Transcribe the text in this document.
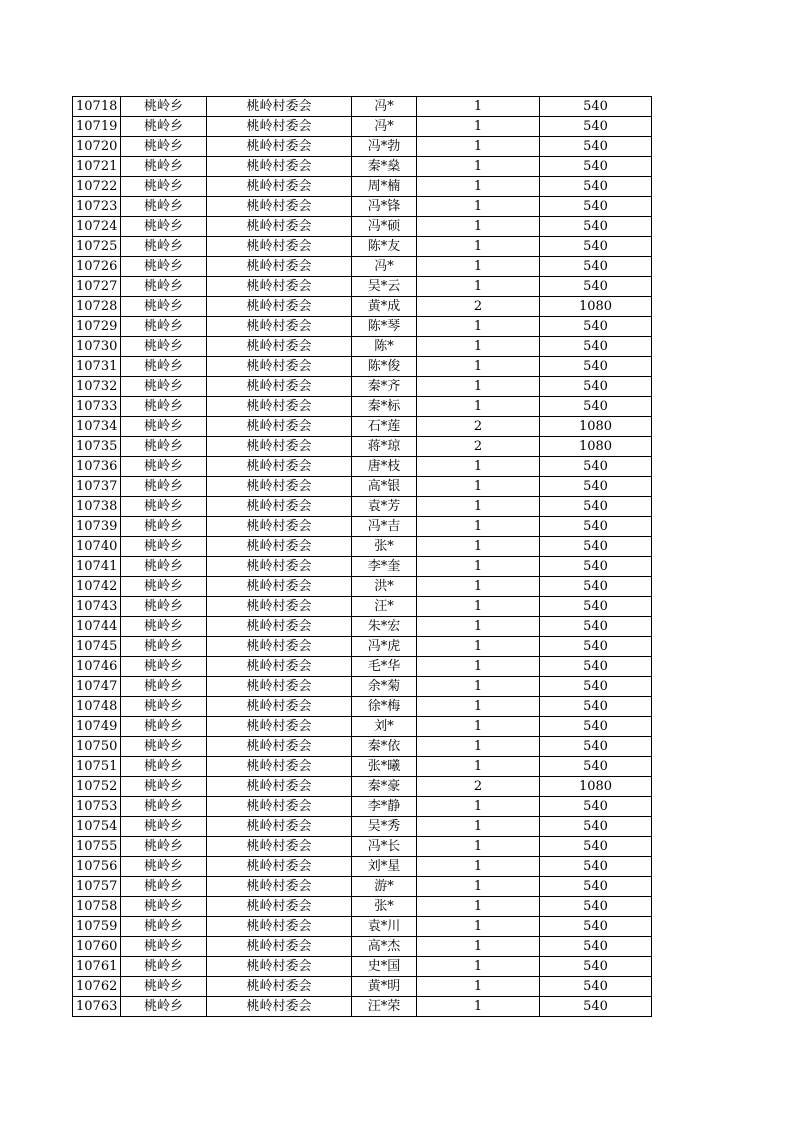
10718	桃岭乡	桃岭村委会	冯*	1	540
10719	桃岭乡	桃岭村委会	冯*	1	540
10720	桃岭乡	桃岭村委会	冯*勃	1	540
10721	桃岭乡	桃岭村委会	秦*燊	1	540
10722	桃岭乡	桃岭村委会	周*楠	1	540
10723	桃岭乡	桃岭村委会	冯*锋	1	540
10724	桃岭乡	桃岭村委会	冯*硕	1	540
10725	桃岭乡	桃岭村委会	陈*友	1	540
10726	桃岭乡	桃岭村委会	冯*	1	540
10727	桃岭乡	桃岭村委会	吴*云	1	540
10728	桃岭乡	桃岭村委会	黄*成	2	1080
10729	桃岭乡	桃岭村委会	陈*琴	1	540
10730	桃岭乡	桃岭村委会	陈*	1	540
10731	桃岭乡	桃岭村委会	陈*俊	1	540
10732	桃岭乡	桃岭村委会	秦*齐	1	540
10733	桃岭乡	桃岭村委会	秦*标	1	540
10734	桃岭乡	桃岭村委会	石*莲	2	1080
10735	桃岭乡	桃岭村委会	蒋*琼	2	1080
10736	桃岭乡	桃岭村委会	唐*枝	1	540
10737	桃岭乡	桃岭村委会	高*银	1	540
10738	桃岭乡	桃岭村委会	袁*芳	1	540
10739	桃岭乡	桃岭村委会	冯*吉	1	540
10740	桃岭乡	桃岭村委会	张*	1	540
10741	桃岭乡	桃岭村委会	李*奎	1	540
10742	桃岭乡	桃岭村委会	洪*	1	540
10743	桃岭乡	桃岭村委会	汪*	1	540
10744	桃岭乡	桃岭村委会	朱*宏	1	540
10745	桃岭乡	桃岭村委会	冯*虎	1	540
10746	桃岭乡	桃岭村委会	毛*华	1	540
10747	桃岭乡	桃岭村委会	余*菊	1	540
10748	桃岭乡	桃岭村委会	徐*梅	1	540
10749	桃岭乡	桃岭村委会	刘*	1	540
10750	桃岭乡	桃岭村委会	秦*依	1	540
10751	桃岭乡	桃岭村委会	张*曦	1	540
10752	桃岭乡	桃岭村委会	秦*豪	2	1080
10753	桃岭乡	桃岭村委会	李*静	1	540
10754	桃岭乡	桃岭村委会	吴*秀	1	540
10755	桃岭乡	桃岭村委会	冯*长	1	540
10756	桃岭乡	桃岭村委会	刘*星	1	540
10757	桃岭乡	桃岭村委会	游*	1	540
10758	桃岭乡	桃岭村委会	张*	1	540
10759	桃岭乡	桃岭村委会	袁*川	1	540
10760	桃岭乡	桃岭村委会	高*杰	1	540
10761	桃岭乡	桃岭村委会	史*国	1	540
10762	桃岭乡	桃岭村委会	黄*明	1	540
10763	桃岭乡	桃岭村委会	汪*荣	1	540
